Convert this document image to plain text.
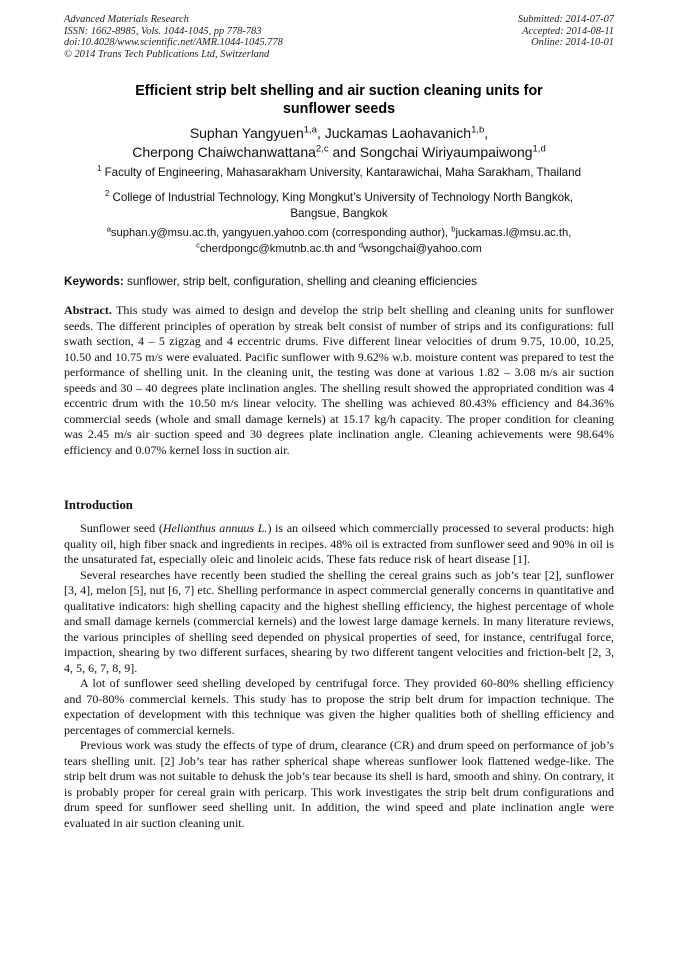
Advanced Materials Research
ISSN: 1662-8985, Vols. 1044-1045, pp 778-783
doi:10.4028/www.scientific.net/AMR.1044-1045.778
© 2014 Trans Tech Publications Ltd, Switzerland
Submitted: 2014-07-07
Accepted: 2014-08-11
Online: 2014-10-01
Efficient strip belt shelling and air suction cleaning units for
sunflower seeds
Suphan Yangyuen$^{1,a}$, Juckamas Laohavanich$^{1,b}$,
Cherpong Chaiwchanwattana$^{2,c}$ and Songchai Wiriyaumpaiwong$^{1,d}$
$^1$ Faculty of Engineering, Mahasarakham University, Kantarawichai, Maha Sarakham, Thailand
$^2$ College of Industrial Technology, King Mongkut’s University of Technology North Bangkok,
Bangsue, Bangkok
$^a$suphan.y@msu.ac.th, yangyuen.yahoo.com (corresponding author), $^b$juckamas.l@msu.ac.th,
$^c$cherdpongc@kmutnb.ac.th and $^d$wsongchai@yahoo.com
Keywords: sunflower, strip belt, configuration, shelling and cleaning efficiencies
Abstract. This study was aimed to design and develop the strip belt shelling and cleaning units for sunflower seeds. The different principles of operation by streak belt consist of number of strips and its configurations: full swath section, 4 – 5 zigzag and 4 eccentric drums. Five different linear velocities of drum 9.75, 10.00, 10.25, 10.50 and 10.75 m/s were evaluated. Pacific sunflower with 9.62% w.b. moisture content was prepared to test the performance of shelling unit. In the cleaning unit, the testing was done at various 1.82 – 3.08 m/s air suction speeds and 30 – 40 degrees plate inclination angles. The shelling result showed the appropriated condition was 4 eccentric drum with the 10.50 m/s linear velocity. The shelling was achieved 80.43% efficiency and 84.36% commercial seeds (whole and small damage kernels) at 15.17 kg/h capacity. The proper condition for cleaning was 2.45 m/s air suction speed and 30 degrees plate inclination angle. Cleaning achievements were 98.64% efficiency and 0.07% kernel loss in suction air.
Introduction

Sunflower seed (Helianthus annuus L.) is an oilseed which commercially processed to several products: high quality oil, high fiber snack and ingredients in recipes. 48% oil is extracted from sunflower seed and 90% in oil is the unsaturated fat, especially oleic and linoleic acids. These fats reduce risk of heart disease [1].

Several researches have recently been studied the shelling the cereal grains such as job’s tear [2], sunflower [3, 4], melon [5], nut [6, 7] etc. Shelling performance in aspect commercial generally concerns in quantitative and qualitative indicators: high shelling capacity and the highest shelling efficiency, the highest percentage of whole and small damage kernels (commercial kernels) and the lowest large damage kernels. In many literature reviews, the various principles of shelling seed depended on physical properties of seed, for instance, centrifugal force, impaction, shearing by two different surfaces, shearing by two different tangent velocities and friction-belt [2, 3, 4, 5, 6, 7, 8, 9].

A lot of sunflower seed shelling developed by centrifugal force. They provided 60-80% shelling efficiency and 70-80% commercial kernels. This study has to propose the strip belt drum for impaction technique. The expectation of development with this technique was given the higher qualities both of shelling efficiency and percentages of commercial kernels.

Previous work was study the effects of type of drum, clearance (CR) and drum speed on performance of job’s tears shelling unit. [2] Job’s tear has rather spherical shape whereas sunflower look flattened wedge-like. The strip belt drum was not suitable to dehusk the job’s tear because its shell is hard, smooth and shiny. On contrary, it is probably proper for cereal grain with pericarp. This work investigates the strip belt drum configurations and drum speed for sunflower seed shelling unit. In addition, the wind speed and plate inclination angle were evaluated in air suction cleaning unit.
